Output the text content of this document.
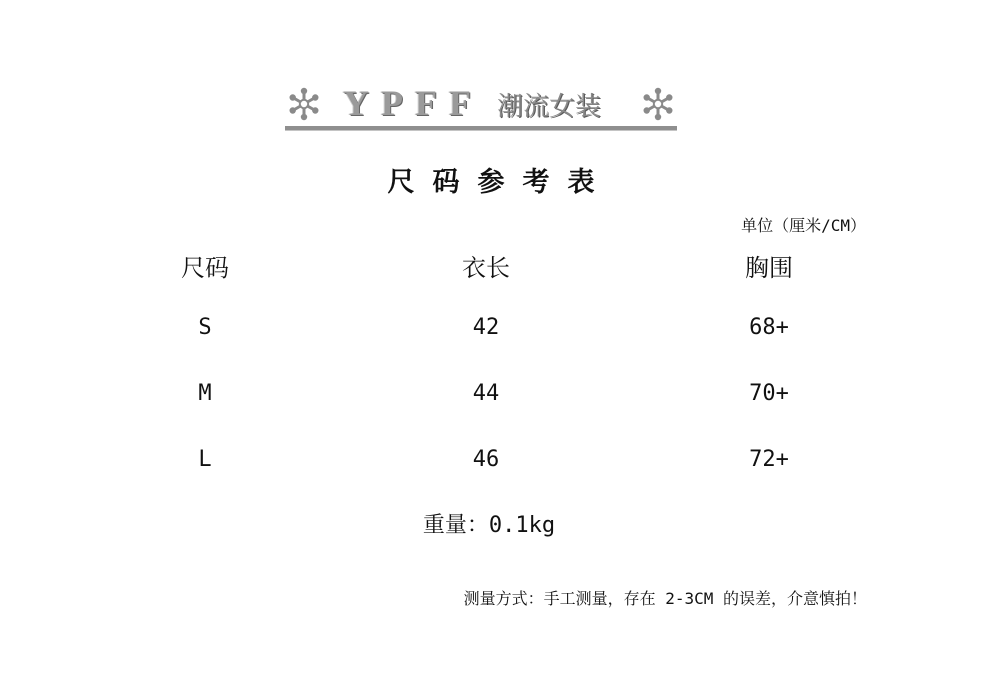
YPFF 潮流女装
尺码参考表
单位（厘米/CM）
尺码	衣长	胸围
S	42	68+
M	44	70+
L	46	72+
重量：0.1kg
测量方式：手工测量，存在 2-3CM 的误差，介意慎拍！
